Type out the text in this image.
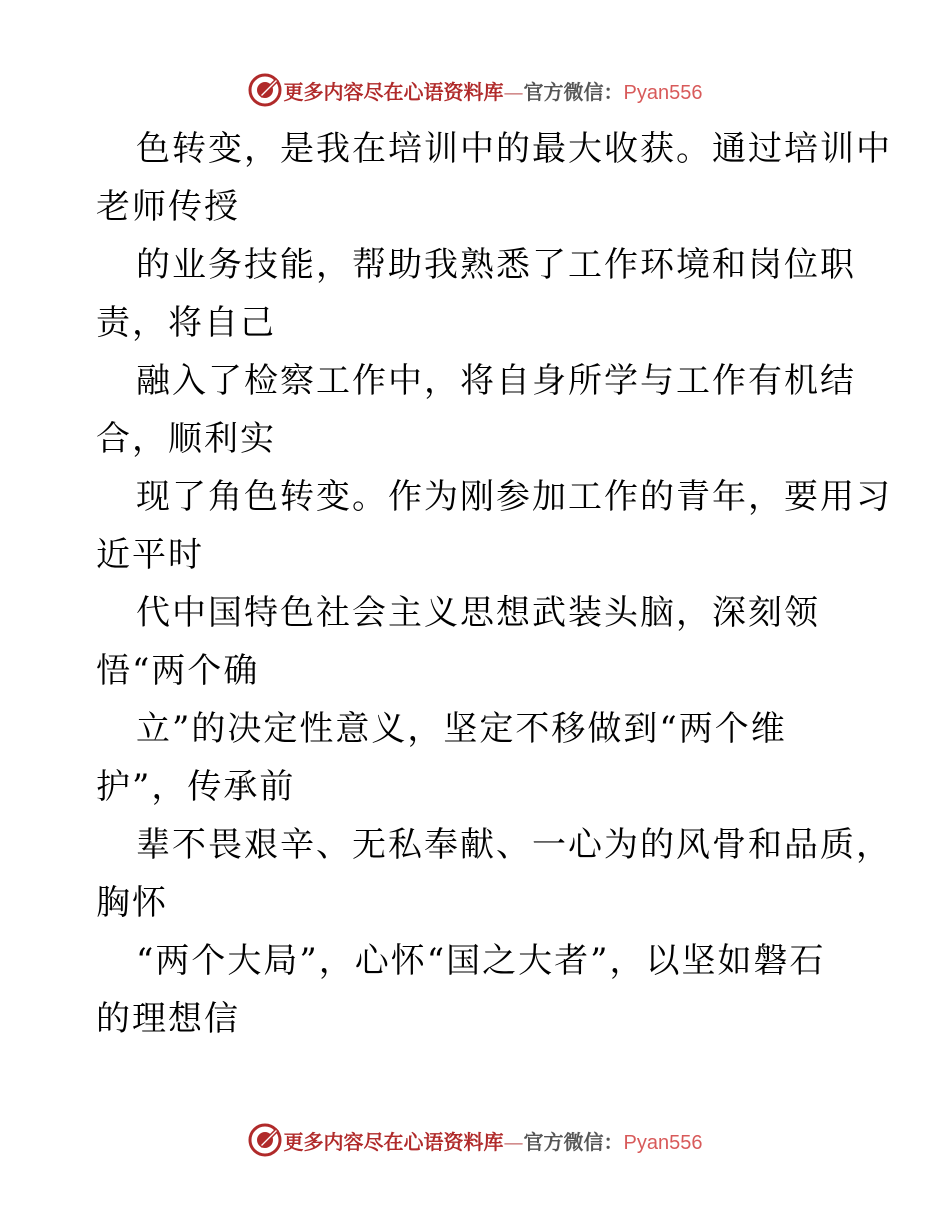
更多内容尽在心语资料库—官方微信：Pyan556
色转变，是我在培训中的最大收获。通过培训中
老师传授
的业务技能，帮助我熟悉了工作环境和岗位职
责，将自己
融入了检察工作中，将自身所学与工作有机结
合，顺利实
现了角色转变。作为刚参加工作的青年，要用习
近平时
代中国特色社会主义思想武装头脑，深刻领
悟“两个确
立”的决定性意义，坚定不移做到“两个维
护”，传承前
辈不畏艰辛、无私奉献、一心为的风骨和品质，
胸怀
“两个大局”，心怀“国之大者”，以坚如磐石
的理想信
更多内容尽在心语资料库—官方微信：Pyan556
